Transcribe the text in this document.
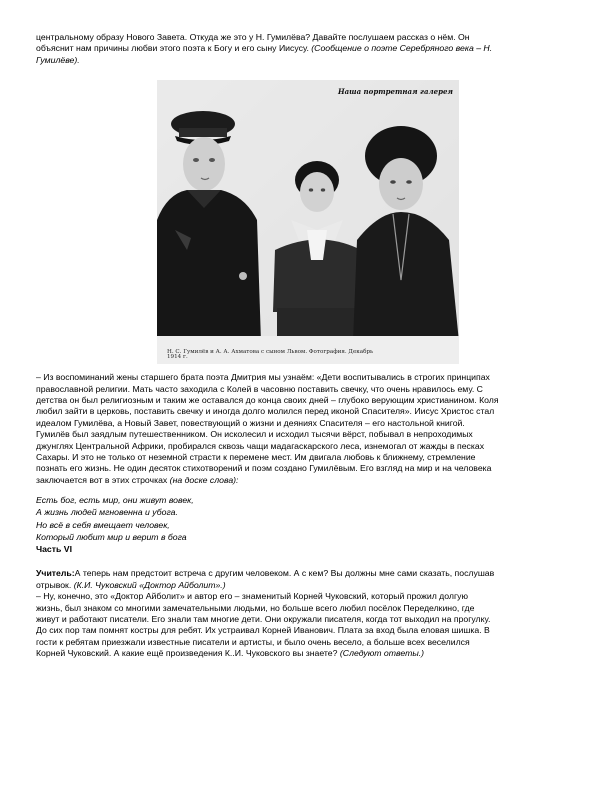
центральному образу Нового Завета. Откуда же это у Н. Гумилёва? Давайте послушаем рассказ о нём. Он

объяснит нам причины любви этого поэта к Богу и его сыну Иисусу. (Сообщение о поэте Серебряного века – Н.

Гумилёве).

Наша портретная галерея
Н. С. Гумилёв и А. А. Ахматова с сыном Львом. Фотография. Декабрь
1914 г.

– Из воспоминаний жены старшего брата поэта Дмитрия мы узнаём: «Дети воспитывались в строгих принципах

православной религии. Мать часто заходила с Колей в часовню поставить свечку, что очень нравилось ему. С

детства он был религиозным и таким же оставался до конца своих дней – глубоко верующим христианином. Коля

любил зайти в церковь, поставить свечку и иногда долго молился перед иконой Спасителя». Иисус Христос стал

идеалом Гумилёва, а Новый Завет, повествующий о жизни и деяниях Спасителя – его настольной книгой.

Гумилёв был заядлым путешественником. Он исколесил и исходил тысячи вёрст, побывал в непроходимых

джунглях Центральной Африки, пробирался сквозь чащи мадагаскарского леса, изнемогал от жажды в песках

Сахары. И это не только от неземной страсти к перемене мест. Им двигала любовь к ближнему, стремление

познать его жизнь. Не один десяток стихотворений и поэм создано Гумилёвым. Его взгляд на мир и на человека

заключается вот в этих строчках (на доске слова):

Есть бог, есть мир, они живут вовек,

А жизнь людей мгновенна и убога.

Но всё в себя вмещает человек,

Который любит мир и верит в бога

Часть VI

Учитель:А теперь нам предстоит встреча с другим человеком. А с кем? Вы должны мне сами сказать, послушав

отрывок. (К.И. Чуковский «Доктор Айболит».)

– Ну, конечно, это «Доктор Айболит» и автор его – знаменитый Корней Чуковский, который прожил долгую

жизнь, был знаком со многими замечательными людьми, но больше всего любил посёлок Переделкино, где

живут и работают писатели. Его знали там многие дети. Они окружали писателя, когда тот выходил на прогулку.

До сих пор там помнят костры для ребят. Их устраивал Корней Иванович. Плата за вход была еловая шишка. В

гости к ребятам приезжали известные писатели и артисты, и было очень весело, а больше всех веселился

Корней Чуковский. А какие ещё произведения К..И. Чуковского вы знаете? (Следуют ответы.)
